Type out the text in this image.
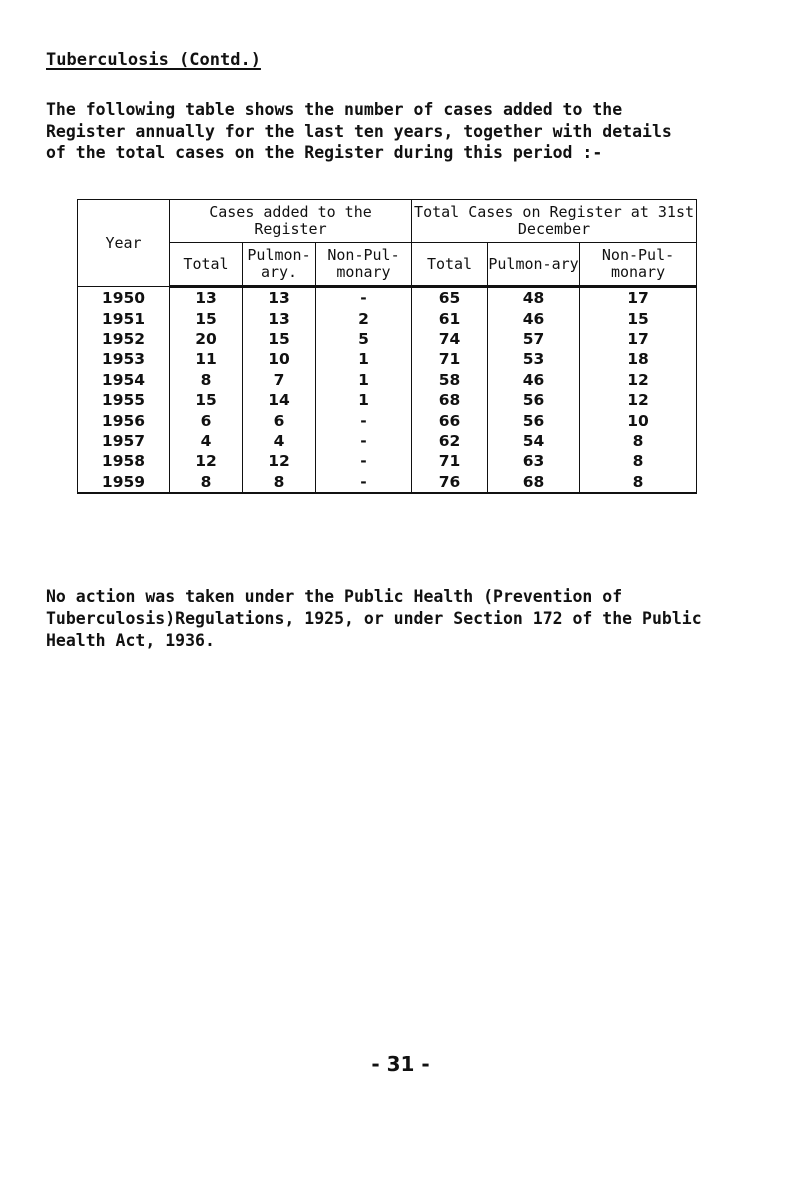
Tuberculosis (Contd.)

The following table shows the number of cases added to the
Register annually for the last ten years, together with details
of the total cases on the Register during this period :-

Year	Cases added to the Register			Total Cases on Register at 31st December		
	Total	Pulmon-ary.	Non-Pul-monary	Total	Pulmon-ary	Non-Pul-monary
1950	13	13	-	65	48	17
1951	15	13	2	61	46	15
1952	20	15	5	74	57	17
1953	11	10	1	71	53	18
1954	8	7	1	58	46	12
1955	15	14	1	68	56	12
1956	6	6	-	66	56	10
1957	4	4	-	62	54	8
1958	12	12	-	71	63	8
1959	8	8	-	76	68	8

No action was taken under the Public Health (Prevention of
Tuberculosis)Regulations, 1925, or under Section 172 of the Public
Health Act, 1936.

- 31 -
